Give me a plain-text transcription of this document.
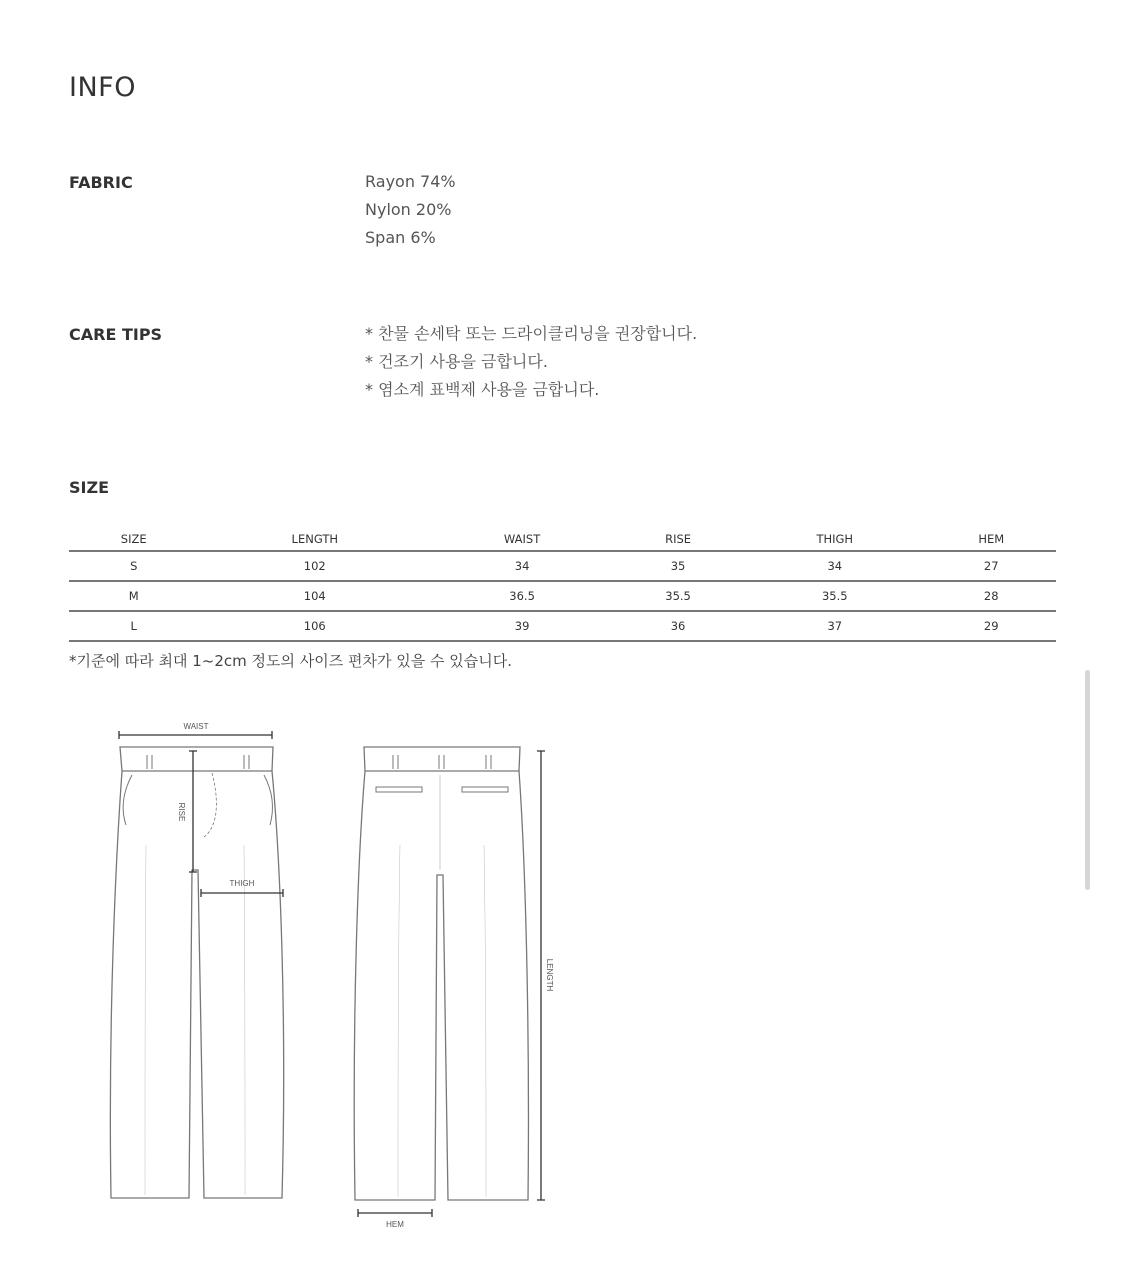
INFO
FABRIC	Rayon 74%
Nylon 20%
Span 6%
CARE TIPS	* 찬물 손세탁 또는 드라이클리닝을 권장합니다.
* 건조기 사용을 금합니다.
* 염소계 표백제 사용을 금합니다.
SIZE
SIZE	LENGTH	WAIST	RISE	THIGH	HEM
S	102	34	35	34	27
M	104	36.5	35.5	35.5	28
L	106	39	36	37	29
*기준에 따라 최대 1~2cm 정도의 사이즈 편차가 있을 수 있습니다.
WAIST
RISE
THIGH
LENGTH
HEM
